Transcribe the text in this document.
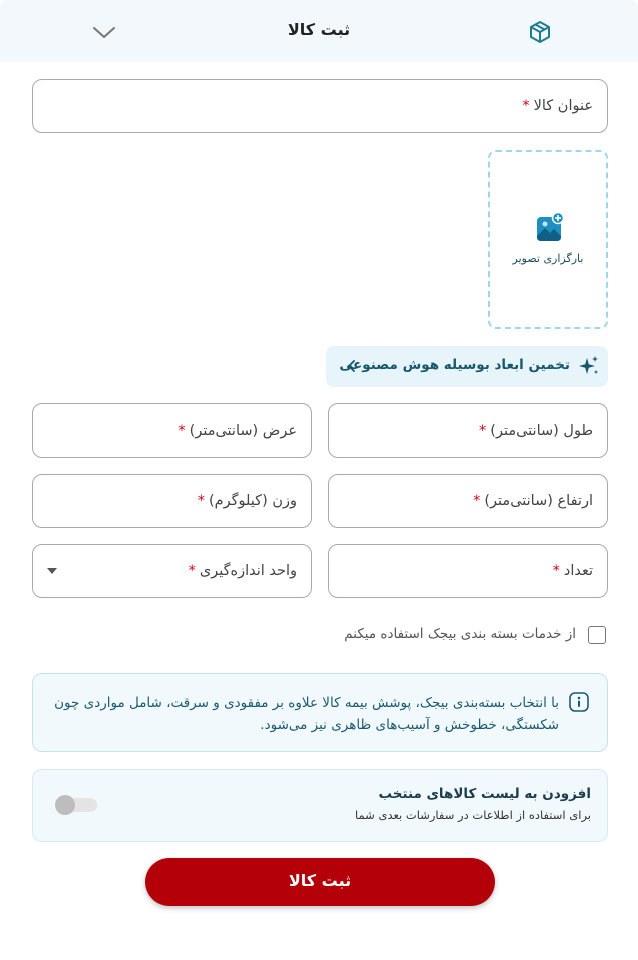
ثبت کالا
عنوان کالا*
بارگزاری تصویر
تخمین ابعاد بوسیله هوش مصنوعی
طول (سانتی‌متر)*
عرض (سانتی‌متر)*
ارتفاع (سانتی‌متر)*
وزن (کیلوگرم)*
تعداد*
واحد اندازه‌گیری*
از خدمات بسته بندی بیجک استفاده میکنم
با انتخاب بسته‌بندی بیجک، پوشش بیمه کالا علاوه بر مفقودی و سرقت، شامل مواردی چون شکستگی، خطوخش و آسیب‌های ظاهری نیز می‌شود.
افزودن به لیست کالاهای منتخب
برای استفاده از اطلاعات در سفارشات بعدی شما
ثبت کالا
